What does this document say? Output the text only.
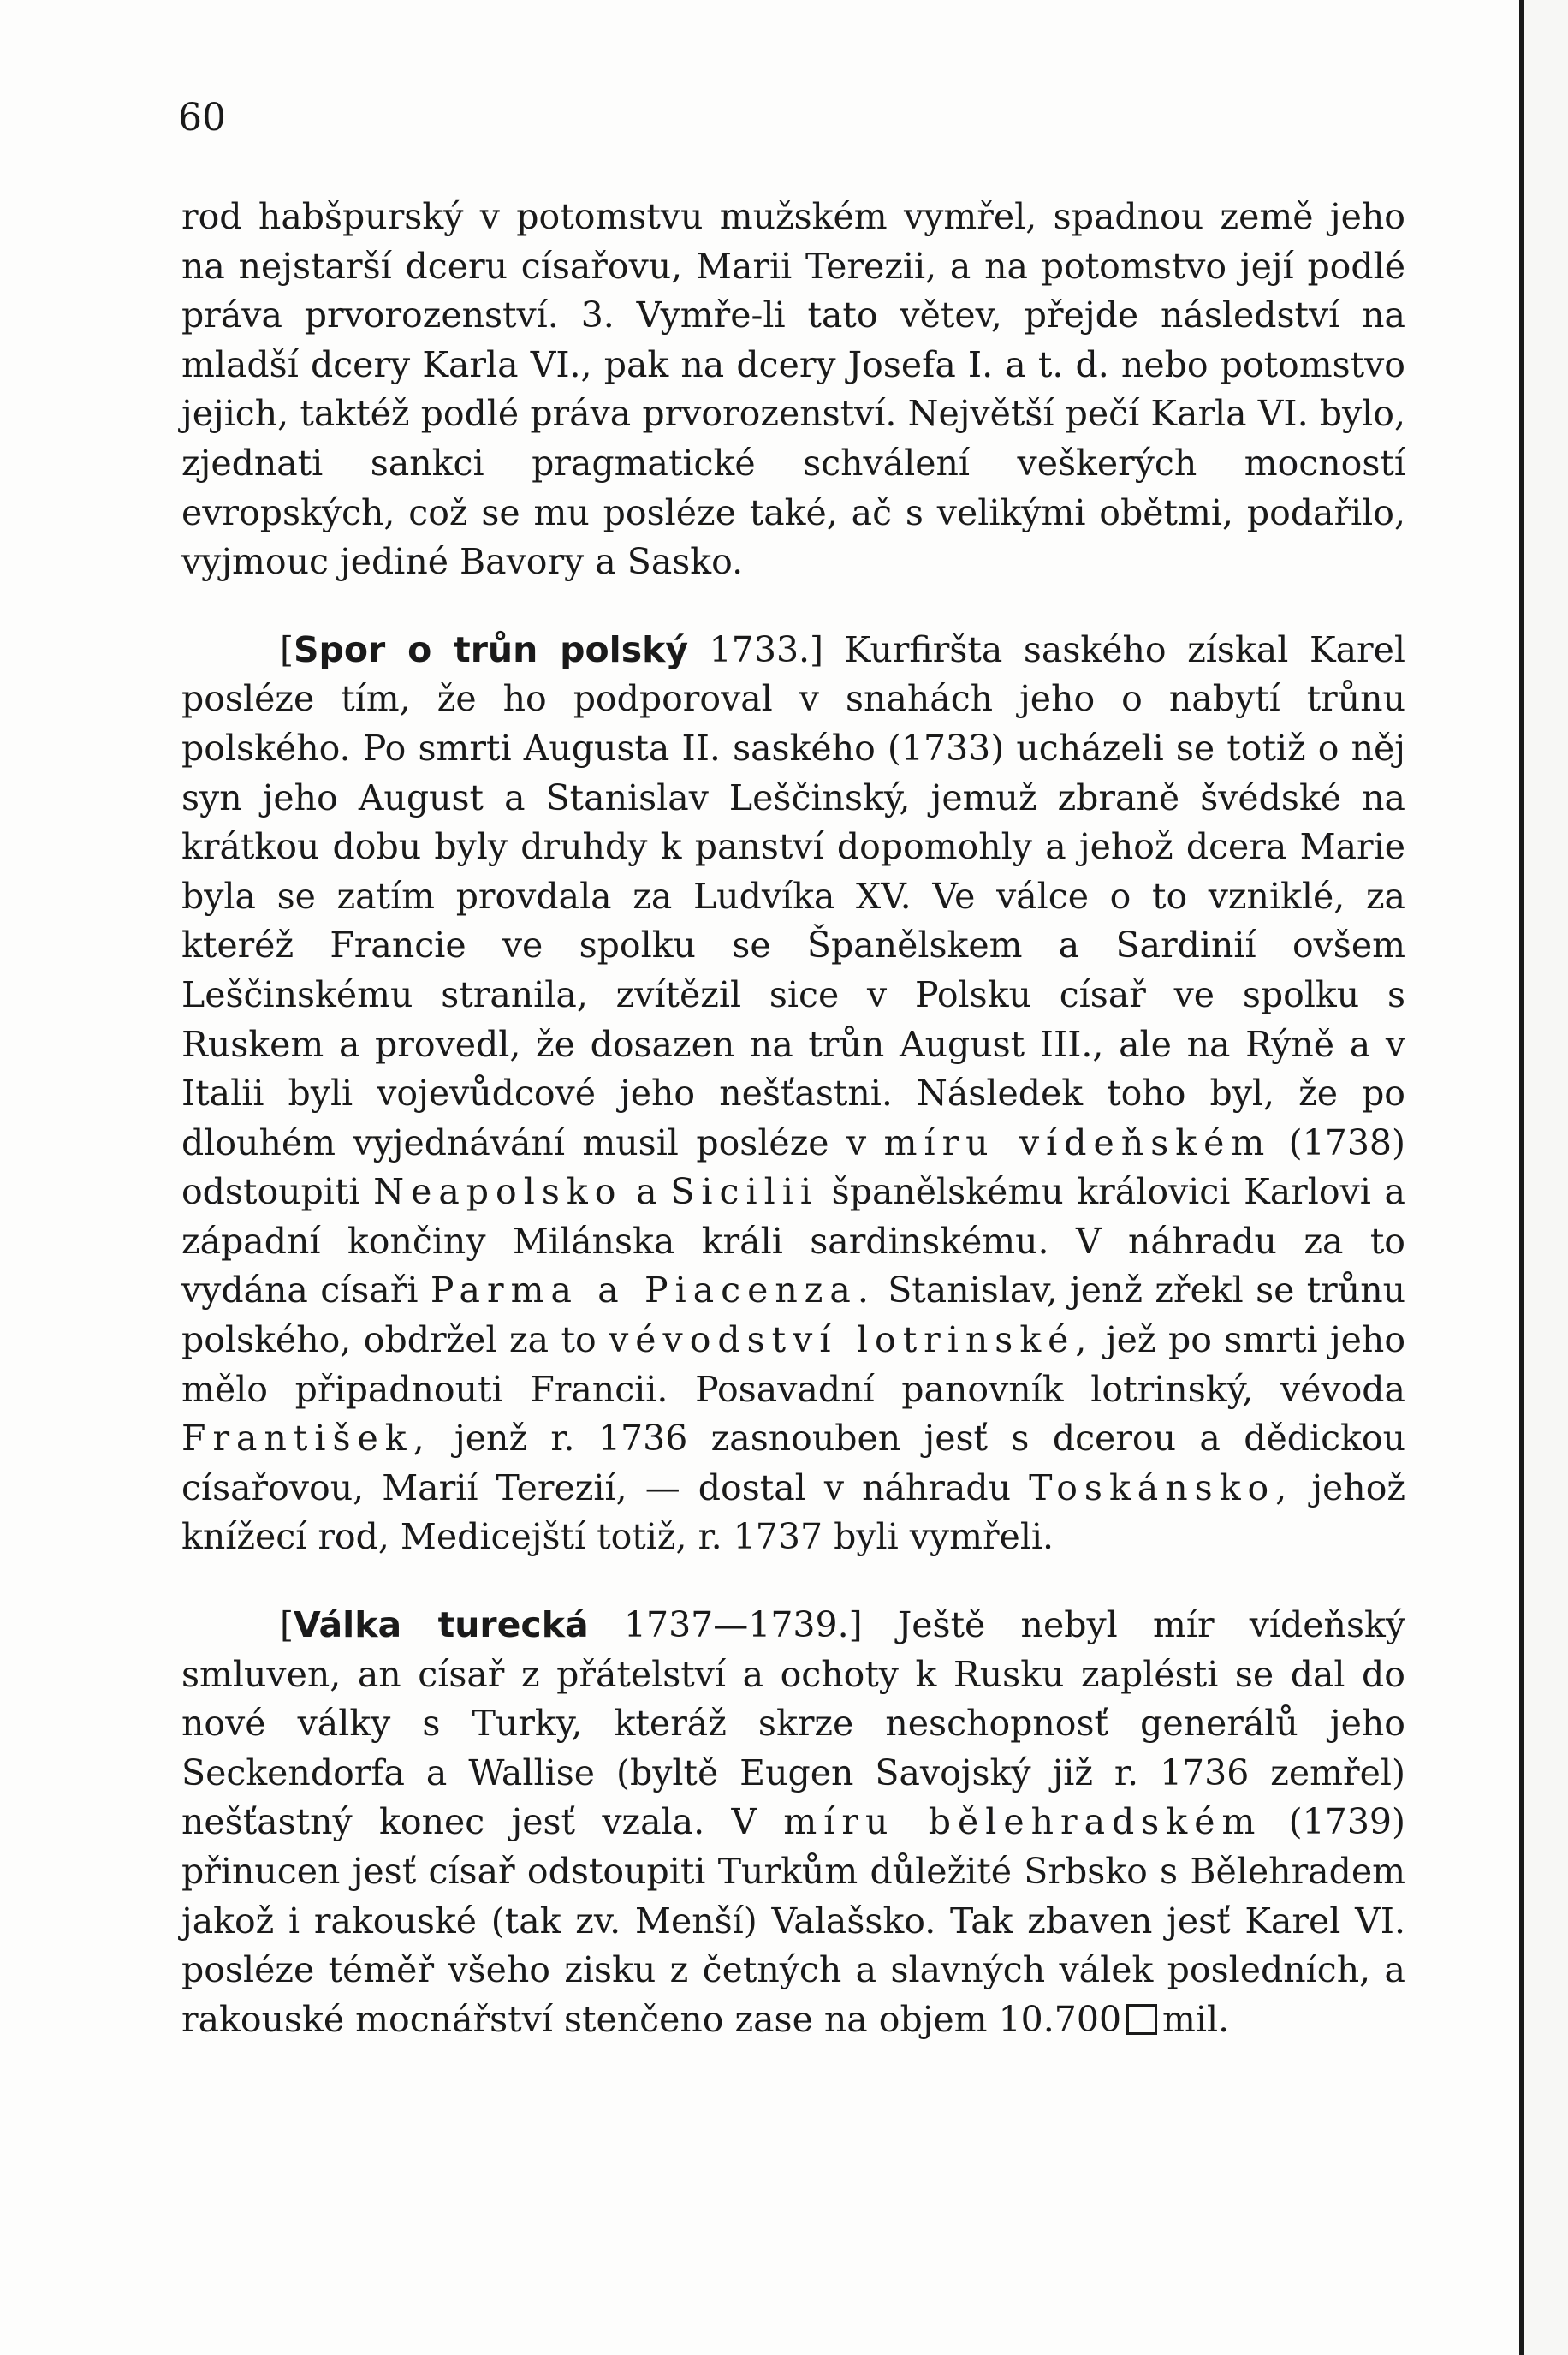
60

rod habšpurský v potomstvu mužském vymřel, spadnou země jeho na nejstarší dceru císařovu, Marii Terezii, a na potomstvo její podlé práva prvorozenství. 3. Vymře-li tato větev, přejde následství na mladší dcery Karla VI., pak na dcery Josefa I. a t. d. nebo potomstvo jejich, taktéž podlé práva prvorozenství. Největší pečí Karla VI. bylo, zjednati sankci pragmatické schválení veškerých mocností evropských, což se mu posléze také, ač s velikými obětmi, podařilo, vyjmouc jediné Bavory a Sasko.

[Spor o trůn polský 1733.] Kurfiršta saského získal Karel posléze tím, že ho podporoval v snahách jeho o nabytí trůnu polského. Po smrti Augusta II. saského (1733) ucházeli se totiž o něj syn jeho August a Stanislav Leščinský, jemuž zbraně švédské na krátkou dobu byly druhdy k panství dopomohly a jehož dcera Marie byla se zatím provdala za Ludvíka XV. Ve válce o to vzniklé, za kteréž Francie ve spolku se Španělskem a Sardinií ovšem Leščinskému stranila, zvítězil sice v Polsku císař ve spolku s Ruskem a provedl, že dosazen na trůn August III., ale na Rýně a v Italii byli vojevůdcové jeho nešťastni. Následek toho byl, že po dlouhém vyjednávání musil posléze v míru vídeňském (1738) odstoupiti Neapolsko a Sicilii španělskému královici Karlovi a západní končiny Milánska králi sardinskému. V náhradu za to vydána císaři Parma a Piacenza. Stanislav, jenž zřekl se trůnu polského, obdržel za to vévodství lotrinské, jež po smrti jeho mělo připadnouti Francii. Posavadní panovník lotrinský, vévoda František, jenž r. 1736 zasnouben jesť s dcerou a dědickou císařovou, Marií Terezií, — dostal v náhradu Toskánsko, jehož knížecí rod, Medicejští totiž, r. 1737 byli vymřeli.

[Válka turecká 1737—1739.] Ještě nebyl mír vídeňský smluven, an císař z přátelství a ochoty k Rusku zaplésti se dal do nové války s Turky, kteráž skrze neschopnosť generálů jeho Seckendorfa a Wallise (byltě Eugen Savojský již r. 1736 zemřel) nešťastný konec jesť vzala. V míru bělehradském (1739) přinucen jesť císař odstoupiti Turkům důležité Srbsko s Bělehradem jakož i rakouské (tak zv. Menší) Valašsko. Tak zbaven jesť Karel VI. posléze téměř všeho zisku z četných a slavných válek posledních, a rakouské mocnářství stenčeno zase na objem 10.700 mil.
